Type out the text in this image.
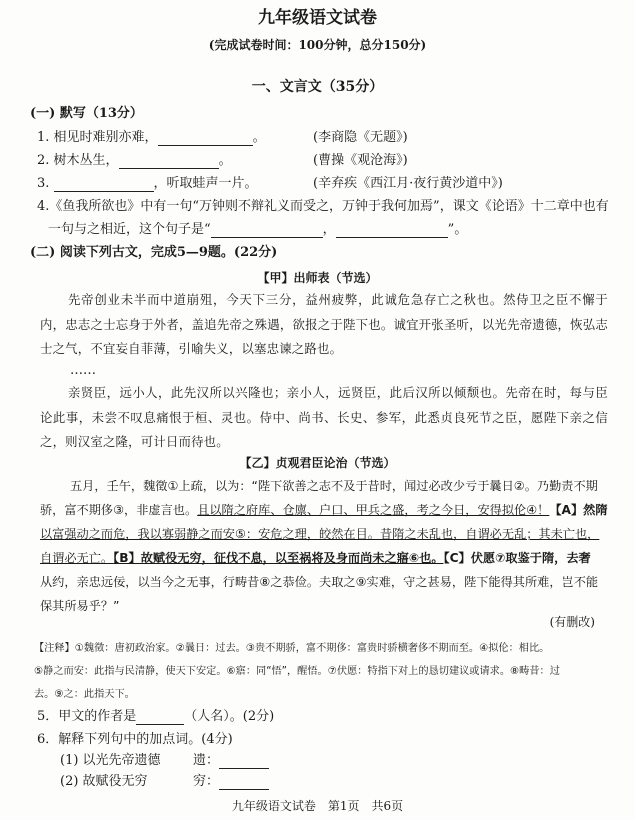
九年级语文试卷
(完成试卷时间：100分钟，总分150分)
一、文言文（35分）
(一) 默写（13分）
1. 相见时难别亦难，	。	(李商隐《无题》)
2. 树木丛生，	。	(曹操《观沧海》)
3.	，听取蛙声一片。	(辛弃疾《西江月·夜行黄沙道中》)
4.《鱼我所欲也》中有一句“万钟则不辩礼义而受之，万钟于我何加焉”，课文《论语》十二章中也有
一句与之相近，这个句子是“	，	”。
(二) 阅读下列古文，完成5—9题。(22分)
【甲】出师表（节选）
先帝创业未半而中道崩殂，今天下三分，益州疲弊，此诚危急存亡之秋也。然侍卫之臣不懈于内，忠志之士忘身于外者，盖追先帝之殊遇，欲报之于陛下也。诚宜开张圣听，以光先帝遗德，恢弘志士之气，不宜妄自菲薄，引喻失义，以塞忠谏之路也。
……
亲贤臣，远小人，此先汉所以兴隆也；亲小人，远贤臣，此后汉所以倾颓也。先帝在时，每与臣论此事，未尝不叹息痛恨于桓、灵也。侍中、尚书、长史、参军，此悉贞良死节之臣，愿陛下亲之信之，则汉室之隆，可计日而待也。
【乙】贞观君臣论治（节选）
五月，壬午，魏徵①上疏，以为：“陛下欲善之志不及于昔时，闻过必改少亏于曩日②。乃勤责不期
骄，富不期侈③，非虚言也。且以隋之府库、仓廪、户口、甲兵之盛，考之今日，安得拟伦④！【A】然隋
以富强动之而危，我以寡弱静之而安⑤：安危之理，皎然在目。昔隋之未乱也，自谓必无乱；其未亡也，
自谓必无亡。【B】故赋役无穷，征伐不息，以至祸将及身而尚未之寤⑥也。【C】伏愿⑦取鉴于隋，去奢
从约，亲忠远佞，以当今之无事，行畴昔⑧之恭俭。夫取之⑨实难，守之甚易，陛下能得其所难，岂不能
保其所易乎？”
(有删改)
【注释】①魏徵：唐初政治家。②曩日：过去。③贵不期骄，富不期侈：富贵时骄横奢侈不期而至。④拟伦：相比。
⑤静之而安：此指与民清静，使天下安定。⑥寤：同“悟”，醒悟。⑦伏愿：特指下对上的恳切建议或请求。⑧畴昔：过
去。⑨之：此指天下。
5．甲文的作者是	（人名）。(2分)
6．解释下列句中的加点词。(4分)
(1) 以光先帝遗德 遗：
(2) 故赋役无穷	穷：
九年级语文试卷　第1页　共6页
